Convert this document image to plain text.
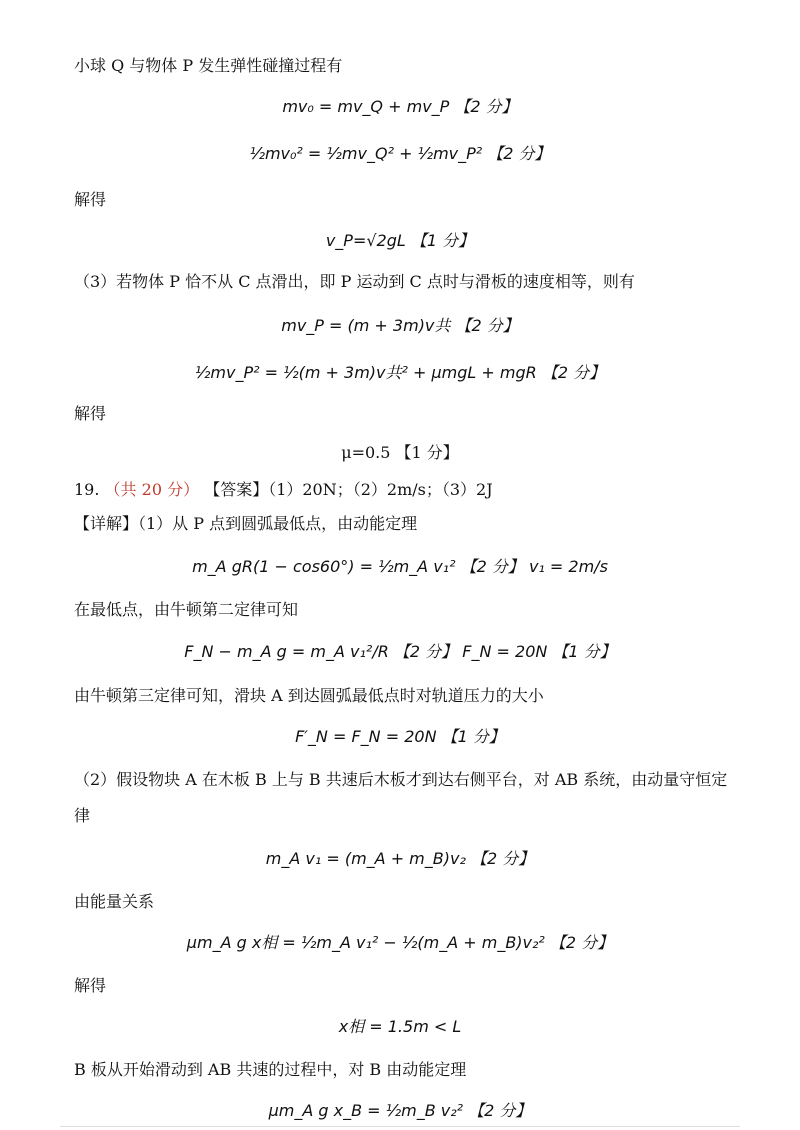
小球 Q 与物体 P 发生弹性碰撞过程有
mv₀ = mv_Q + mv_P 【2 分】
½mv₀² = ½mv_Q² + ½mv_P² 【2 分】
解得
v_P=√2gL 【1 分】
（3）若物体 P 恰不从 C 点滑出，即 P 运动到 C 点时与滑板的速度相等，则有
mv_P = (m + 3m)v共 【2 分】
½mv_P² = ½(m + 3m)v共² + μmgL + mgR 【2 分】
解得
μ=0.5 【1 分】
19. （共 20 分） 【答案】（1）20N；（2）2m/s；（3）2J
【详解】（1）从 P 点到圆弧最低点，由动能定理
m_A gR(1 − cos60°) = ½m_A v₁² 【2 分】 v₁ = 2m/s
在最低点，由牛顿第二定律可知
F_N − m_A g = m_A v₁²/R 【2 分】 F_N = 20N 【1 分】
由牛顿第三定律可知，滑块 A 到达圆弧最低点时对轨道压力的大小
F′_N = F_N = 20N 【1 分】
（2）假设物块 A 在木板 B 上与 B 共速后木板才到达右侧平台，对 AB 系统，由动量守恒定
律
m_A v₁ = (m_A + m_B)v₂ 【2 分】
由能量关系
μm_A g x相 = ½m_A v₁² − ½(m_A + m_B)v₂² 【2 分】
解得
x相 = 1.5m < L
B 板从开始滑动到 AB 共速的过程中，对 B 由动能定理
μm_A g x_B = ½m_B v₂² 【2 分】
